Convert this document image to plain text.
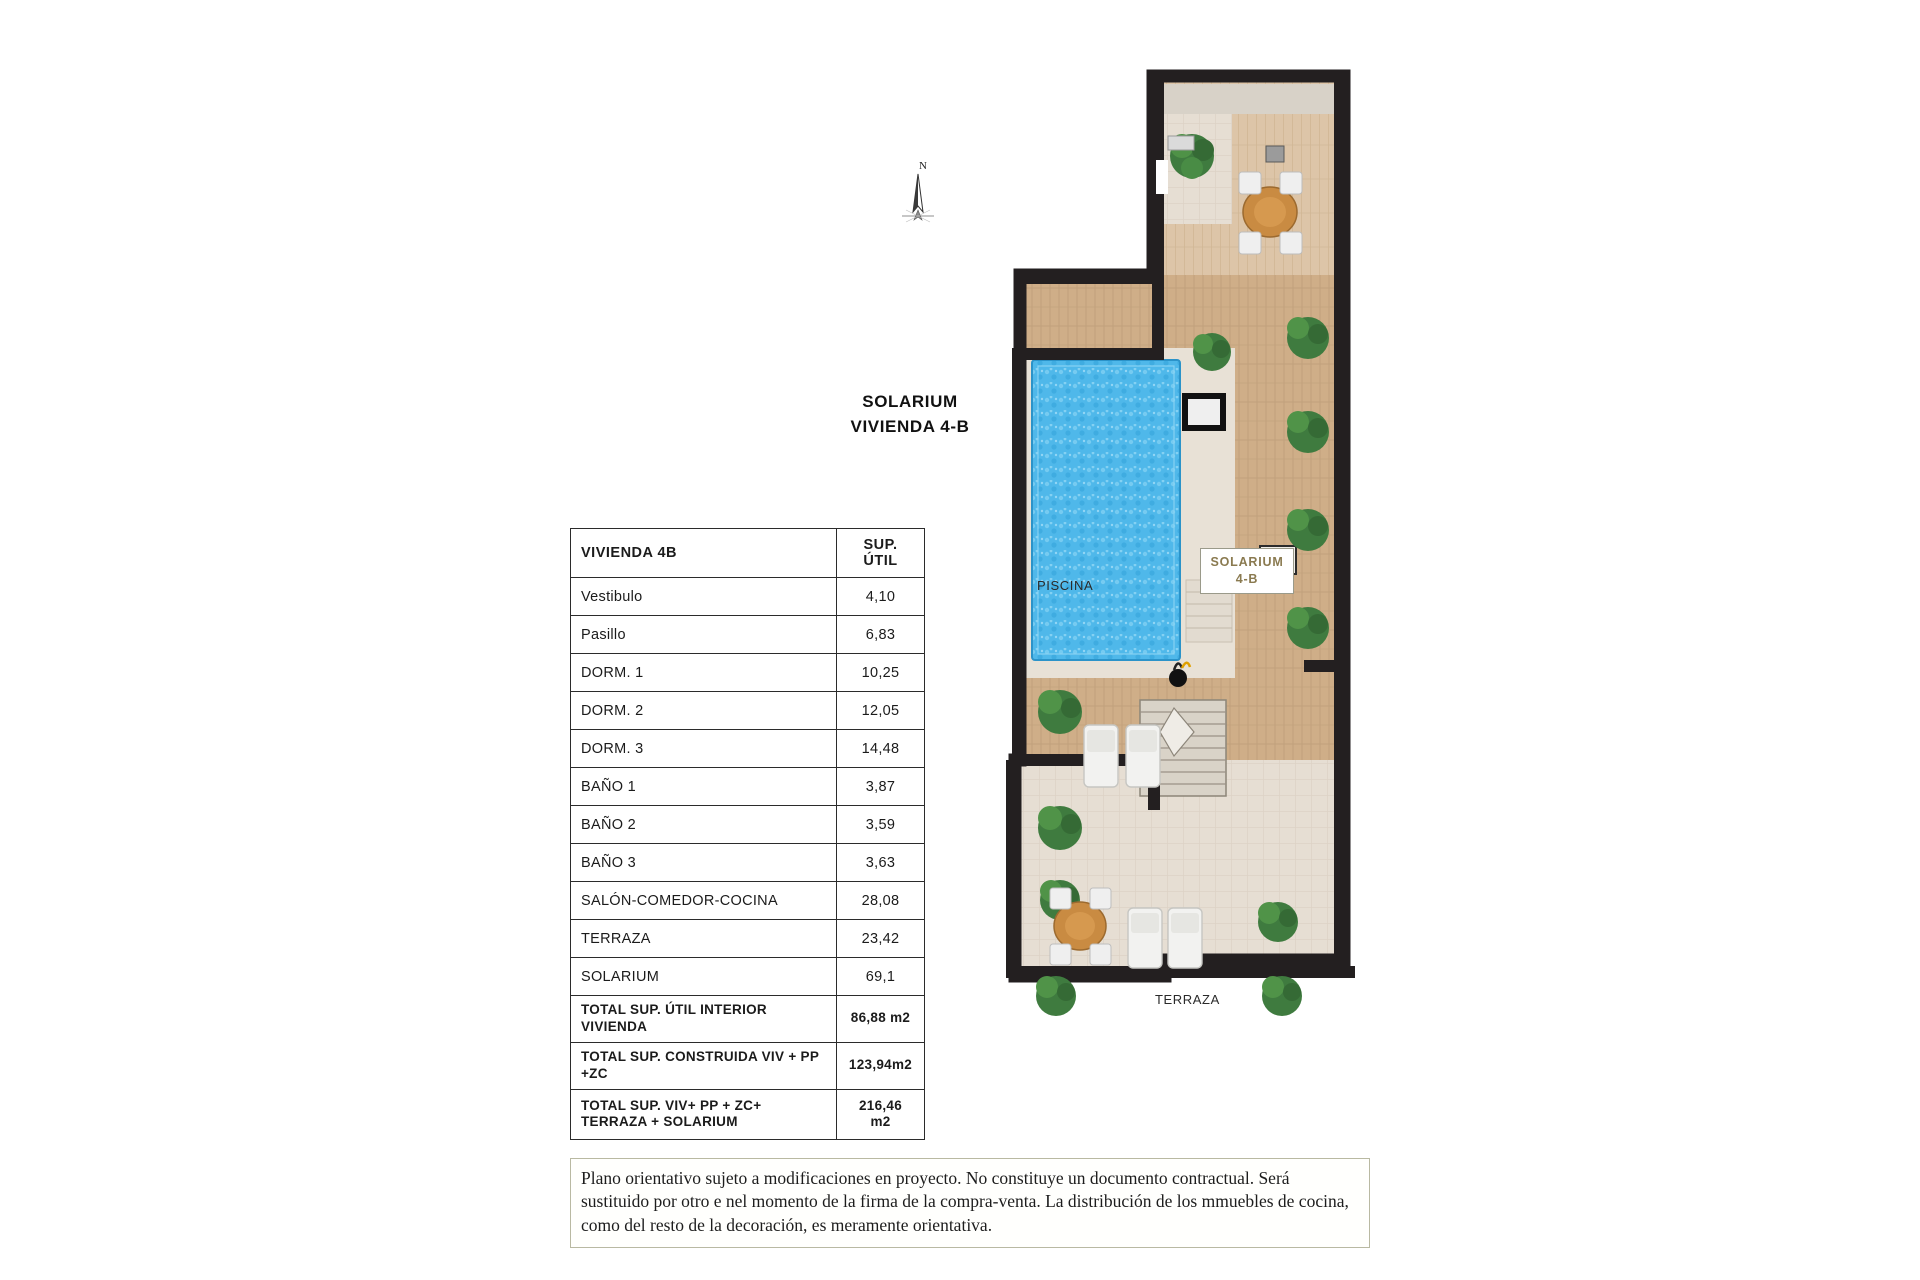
N
SOLARIUM
VIVIENDA 4-B
VIVIENDA 4B	SUP. ÚTIL
Vestibulo	4,10
Pasillo	6,83
DORM. 1	10,25
DORM. 2	12,05
DORM. 3	14,48
BAÑO 1	3,87
BAÑO 2	3,59
BAÑO 3	3,63
SALÓN-COMEDOR-COCINA	28,08
TERRAZA	23,42
SOLARIUM	69,1
TOTAL SUP. ÚTIL INTERIOR VIVIENDA	86,88 m2
TOTAL SUP. CONSTRUIDA VIV + PP +ZC	123,94m2
TOTAL SUP. VIV+ PP + ZC+ TERRAZA + SOLARIUM	216,46 m2
Plano orientativo sujeto a modificaciones en proyecto. No constituye un documento contractual. Será sustituido por otro e nel momento de la firma de la compra-venta. La distribución de los mmuebles de cocina, como del resto de la decoración, es meramente orientativa.
PISCINA
TERRAZA
SOLARIUM
4-B
